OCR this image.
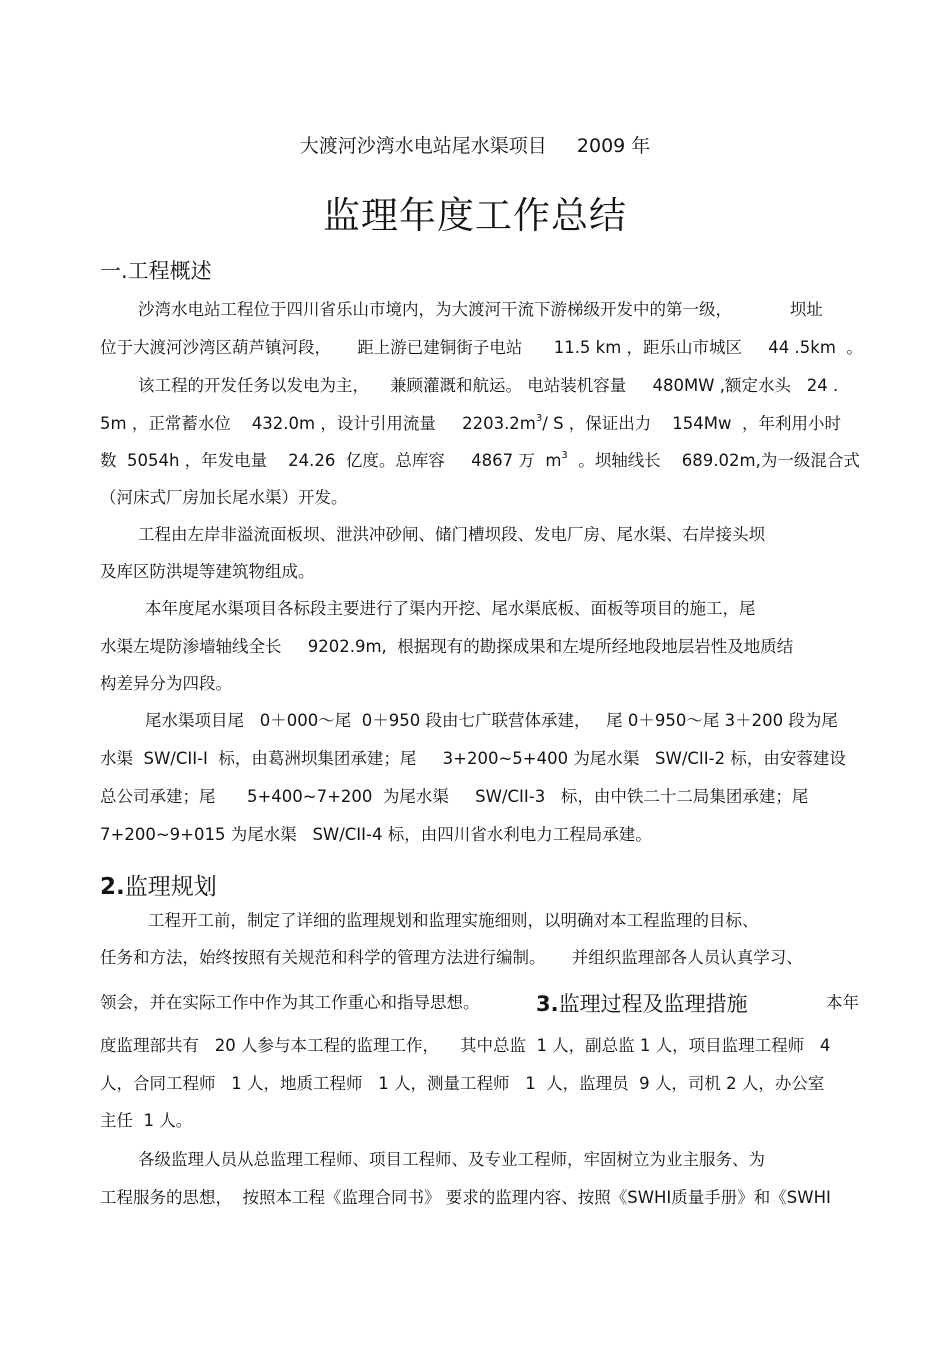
大渡河沙湾水电站尾水渠项目     2009 年
监理年度工作总结
一.工程概述
沙湾水电站工程位于四川省乐山市境内，为大渡河干流下游梯级开发中的第一级，           坝址
位于大渡河沙湾区葫芦镇河段，     距上游已建铜街子电站      11.5 km ，距乐山市城区     44 .5km  。
该工程的开发任务以发电为主，    兼顾灌溉和航运。 电站装机容量     480MW ,额定水头   24 .
5m ，正常蓄水位    432.0m ，设计引用流量     $2203.2m^3/$ S ，保证出力    154Mw  ，年利用小时
数  5054h ，年发电量    24.26  亿度。总库容     4867 万  $m^3$  。坝轴线长    689.02m,为一级混合式
（河床式厂房加长尾水渠）开发。
工程由左岸非溢流面板坝、泄洪冲砂闸、储门槽坝段、发电厂房、尾水渠、右岸接头坝
及库区防洪堤等建筑物组成。
本年度尾水渠项目各标段主要进行了渠内开挖、尾水渠底板、面板等项目的施工，尾
水渠左堤防渗墙轴线全长     9202.9m,  根据现有的勘探成果和左堤所经地段地层岩性及地质结
构差异分为四段。
尾水渠项目尾   0＋000～尾  0＋950 段由七广联营体承建，   尾 0＋950～尾 3＋200 段为尾
水渠  SW/CII-I  标，由葛洲坝集团承建；尾     3+200~5+400 为尾水渠   SW/CII-2 标，由安蓉建设
总公司承建；尾      5+400~7+200  为尾水渠     SW/CII-3   标，由中铁二十二局集团承建；尾
7+200~9+015 为尾水渠   SW/CII-4 标，由四川省水利电力工程局承建。
2.监理规划
工程开工前，制定了详细的监理规划和监理实施细则，以明确对本工程监理的目标、
任务和方法，始终按照有关规范和科学的管理方法进行编制。     并组织监理部各人员认真学习、
领会，并在实际工作中作为其工作重心和指导思想。	3.监理过程及监理措施	本年
度监理部共有   20 人参与本工程的监理工作，    其中总监  1 人，副总监 1 人，项目监理工程师   4
人，合同工程师   1 人，地质工程师   1 人，测量工程师   1  人，监理员  9 人，司机 2 人，办公室
主任  1 人。
各级监理人员从总监理工程师、项目工程师、及专业工程师，牢固树立为业主服务、为
工程服务的思想，  按照本工程《监理合同书》 要求的监理内容、按照《SWHI质量手册》和《SWHI
